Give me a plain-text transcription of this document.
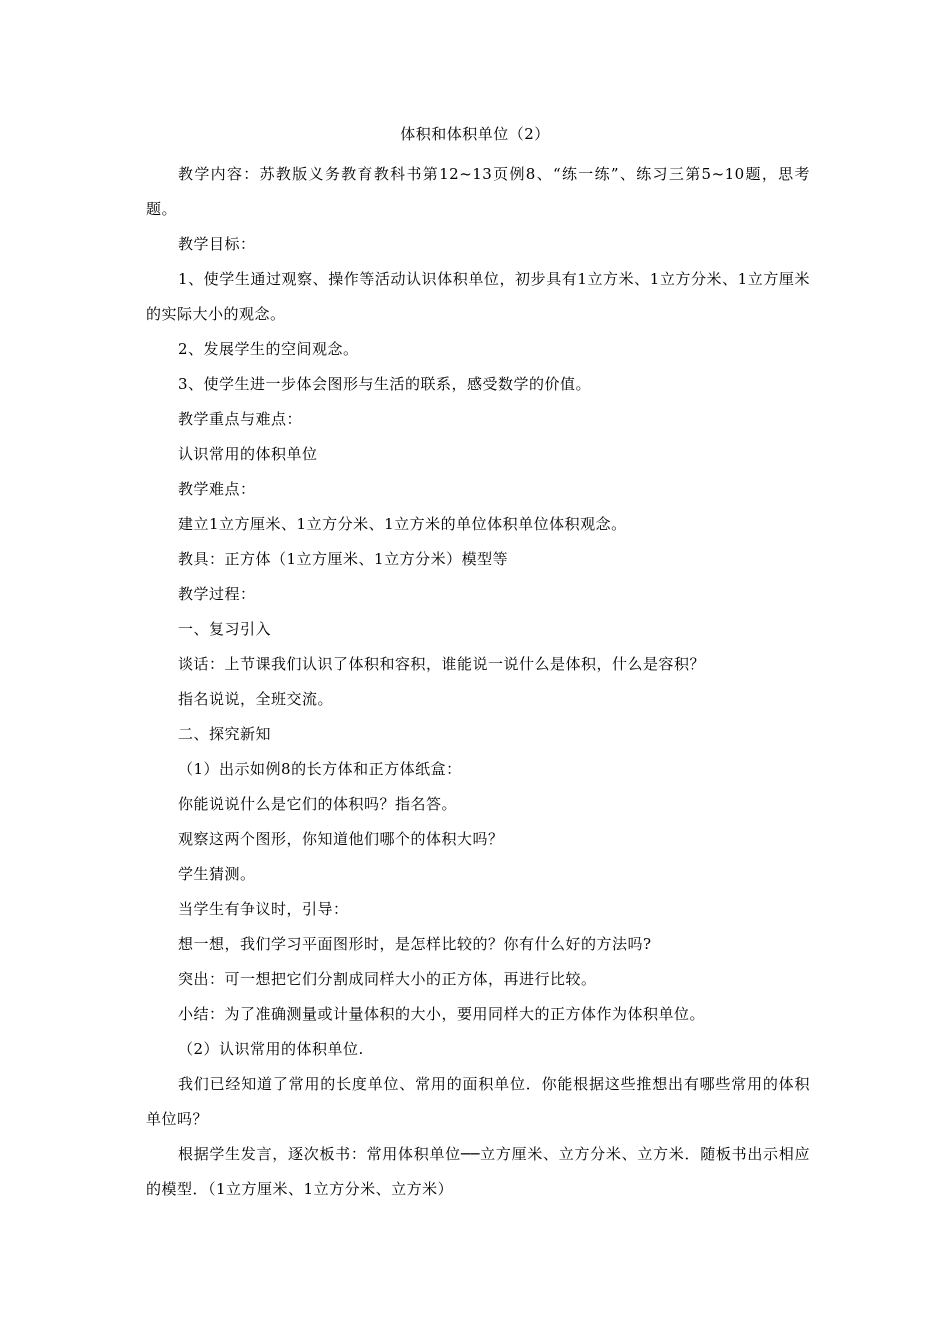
体积和体积单位（2）

教学内容：苏教版义务教育教科书第12~13页例8、“练一练”、练习三第5~10题，思考题。

教学目标：

1、使学生通过观察、操作等活动认识体积单位，初步具有1立方米、1立方分米、1立方厘米的实际大小的观念。

2、发展学生的空间观念。

3、使学生进一步体会图形与生活的联系，感受数学的价值。

教学重点与难点：

认识常用的体积单位

教学难点：

建立1立方厘米、1立方分米、1立方米的单位体积单位体积观念。

教具：正方体（1立方厘米、1立方分米）模型等

教学过程：

一、复习引入

谈话：上节课我们认识了体积和容积，谁能说一说什么是体积，什么是容积？

指名说说，全班交流。

二、探究新知

（1）出示如例8的长方体和正方体纸盒：

你能说说什么是它们的体积吗？指名答。

观察这两个图形，你知道他们哪个的体积大吗？

学生猜测。

当学生有争议时，引导：

想一想，我们学习平面图形时，是怎样比较的？你有什么好的方法吗?

突出：可一想把它们分割成同样大小的正方体，再进行比较。

小结：为了准确测量或计量体积的大小，要用同样大的正方体作为体积单位。

（2）认识常用的体积单位.

我们已经知道了常用的长度单位、常用的面积单位．你能根据这些推想出有哪些常用的体积单位吗？

根据学生发言，逐次板书：常用体积单位──立方厘米、立方分米、立方米．随板书出示相应的模型．（1立方厘米、1立方分米、立方米）
